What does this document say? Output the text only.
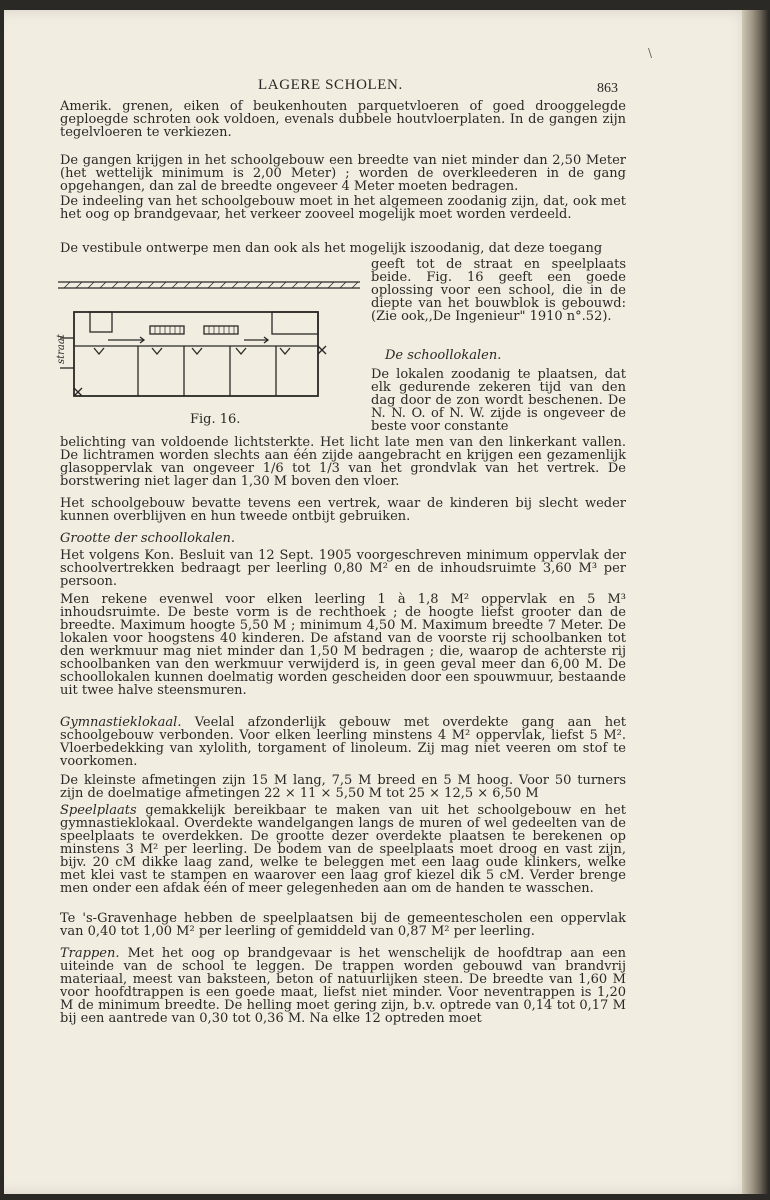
\
LAGERE SCHOLEN.	863

Amerik. grenen, eiken of beukenhouten parquetvloeren of goed drooggelegde geploegde schroten ook voldoen, evenals dubbele houtvloerplaten. In de gangen zijn tegelvloeren te verkiezen.

De gangen krijgen in het schoolgebouw een breedte van niet minder dan 2,50 Meter (het wettelijk minimum is 2,00 Meter) ; worden de overkleederen in de gang opgehangen, dan zal de breedte ongeveer 4 Meter moeten bedragen.

De indeeling van het schoolgebouw moet in het algemeen zoodanig zijn, dat, ook met het oog op brandgevaar, het verkeer zooveel mogelijk moet worden verdeeld.

De vestibule ontwerpe men dan ook als het mogelijk iszoodanig, dat deze toegang

geeft tot de straat en speelplaats beide. Fig. 16 geeft een goede oplossing voor een school, die in de diepte van het bouwblok is gebouwd: (Zie ook,,De Ingenieur" 1910 n°.52).

De schoollokalen.

De lokalen zoodanig te plaatsen, dat elk gedurende zekeren tijd van den dag door de zon wordt beschenen. De N. N. O. of N. W. zijde is ongeveer de beste voor constante

straat
Fig. 16.

belichting van voldoende lichtsterkte. Het licht late men van den linkerkant vallen. De lichtramen worden slechts aan één zijde aangebracht en krijgen een gezamenlijk glasoppervlak van ongeveer 1/6 tot 1/3 van het grondvlak van het vertrek. De borstwering niet lager dan 1,30 M boven den vloer.

Het schoolgebouw bevatte tevens een vertrek, waar de kinderen bij slecht weder kunnen overblijven en hun tweede ontbijt gebruiken.

Grootte der schoollokalen.

Het volgens Kon. Besluit van 12 Sept. 1905 voorgeschreven minimum oppervlak der schoolvertrekken bedraagt per leerling 0,80 M² en de inhoudsruimte 3,60 M³ per persoon.

Men rekene evenwel voor elken leerling 1 à 1,8 M² oppervlak en 5 M³ inhoudsruimte. De beste vorm is de rechthoek ; de hoogte liefst grooter dan de breedte. Maximum hoogte 5,50 M ; minimum 4,50 M. Maximum breedte 7 Meter. De lokalen voor hoogstens 40 kinderen. De afstand van de voorste rij schoolbanken tot den werkmuur mag niet minder dan 1,50 M bedragen ; die, waarop de achterste rij schoolbanken van den werkmuur verwijderd is, in geen geval meer dan 6,00 M. De schoollokalen kunnen doelmatig worden gescheiden door een spouwmuur, bestaande uit twee halve steensmuren.

Gymnastieklokaal. Veelal afzonderlijk gebouw met overdekte gang aan het schoolgebouw verbonden. Voor elken leerling minstens 4 M² oppervlak, liefst 5 M². Vloerbedekking van xylolith, torgament of linoleum. Zij mag niet veeren om stof te voorkomen.

De kleinste afmetingen zijn 15 M lang, 7,5 M breed en 5 M hoog. Voor 50 turners zijn de doelmatige afmetingen 22 × 11 × 5,50 M tot 25 × 12,5 × 6,50 M

Speelplaats gemakkelijk bereikbaar te maken van uit het schoolgebouw en het gymnastieklokaal. Overdekte wandelgangen langs de muren of wel gedeelten van de speelplaats te overdekken. De grootte dezer overdekte plaatsen te berekenen op minstens 3 M² per leerling. De bodem van de speelplaats moet droog en vast zijn, bijv. 20 cM dikke laag zand, welke te beleggen met een laag oude klinkers, welke met klei vast te stampen en waarover een laag grof kiezel dik 5 cM. Verder brenge men onder een afdak één of meer gelegenheden aan om de handen te wasschen.

Te 's-Gravenhage hebben de speelplaatsen bij de gemeentescholen een oppervlak van 0,40 tot 1,00 M² per leerling of gemiddeld van 0,87 M² per leerling.

Trappen. Met het oog op brandgevaar is het wenschelijk de hoofdtrap aan een uiteinde van de school te leggen. De trappen worden gebouwd van brandvrij materiaal, meest van baksteen, beton of natuurlijken steen. De breedte van 1,60 M voor hoofdtrappen is een goede maat, liefst niet minder. Voor neventrappen is 1,20 M de minimum breedte. De helling moet gering zijn, b.v. optrede van 0,14 tot 0,17 M bij een aantrede van 0,30 tot 0,36 M. Na elke 12 optreden moet
